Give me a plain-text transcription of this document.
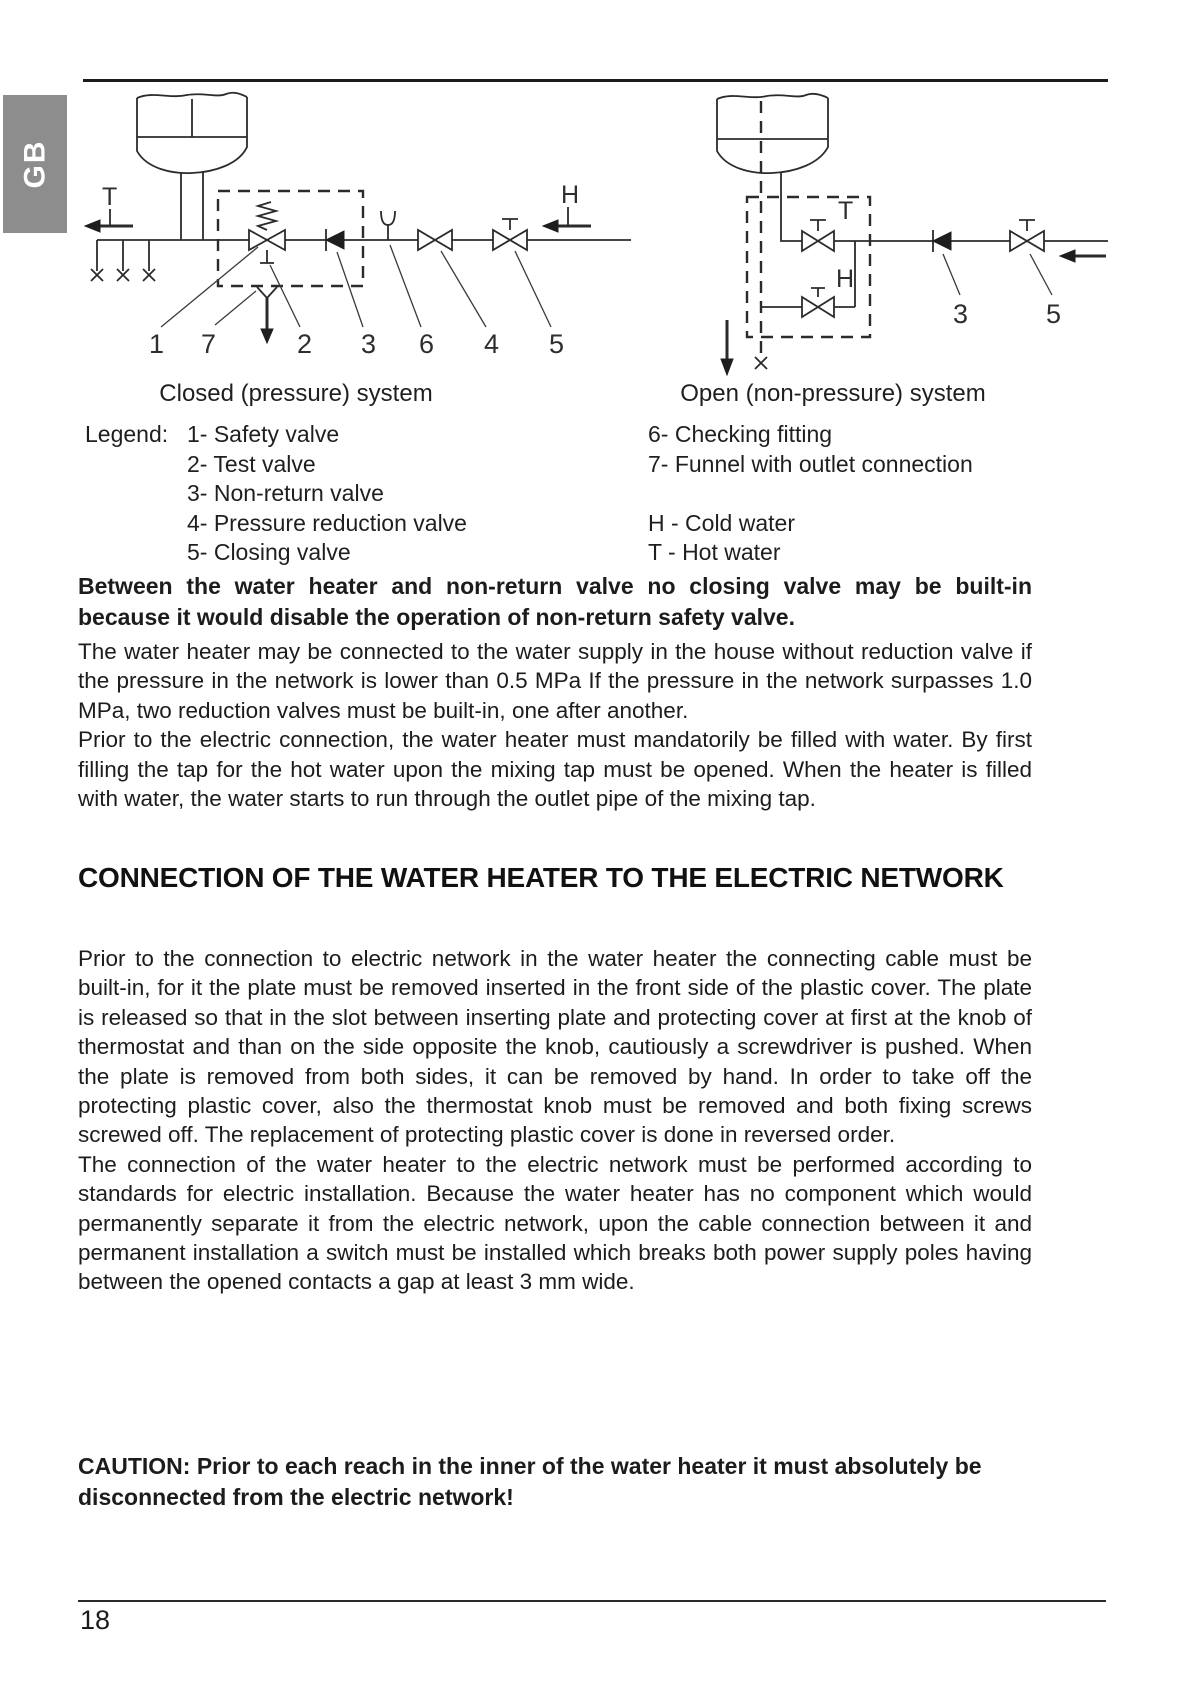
GB
T	H
1 7	2 3 6 4 5
T
H
3	5
Closed (pressure) system	Open (non-pressure) system
Legend: 1- Safety valve	6- Checking fitting
2- Test valve	7- Funnel with outlet connection
3- Non-return valve
4- Pressure reduction valve	H - Cold water
5- Closing valve	T - Hot water
Between the water heater and non-return valve no closing valve may be built-in because it would disable the operation of non-return safety valve.

The water heater may be connected to the water supply in the house without reduction valve if the pressure in the network is lower than 0.5 MPa If the pressure in the network surpasses 1.0 MPa, two reduction valves must be built-in, one after another.

Prior to the electric connection, the water heater must mandatorily be filled with water. By first filling the tap for the hot water upon the mixing tap must be opened. When the heater is filled with water, the water starts to run through the outlet pipe of the mixing tap.

CONNECTION OF THE WATER HEATER TO THE ELECTRIC NETWORK

Prior to the connection to electric network in the water heater the connecting cable must be built-in, for it the plate must be removed inserted in the front side of the plastic cover. The plate is released so that in the slot between inserting plate and protecting cover at first at the knob of thermostat and than on the side opposite the knob, cautiously a screwdriver is pushed. When the plate is removed from both sides, it can be removed by hand. In order to take off the protecting plastic cover, also the thermostat knob must be removed and both fixing screws screwed off. The replacement of protecting plastic cover is done in reversed order.

The connection of the water heater to the electric network must be performed according to standards for electric installation. Because the water heater has no component which would permanently separate it from the electric network, upon the cable connection between it and permanent installation a switch must be installed which breaks both power supply poles having between the opened contacts a gap at least 3 mm wide.

CAUTION: Prior to each reach in the inner of the water heater it must absolutely be disconnected from the electric network!
18
